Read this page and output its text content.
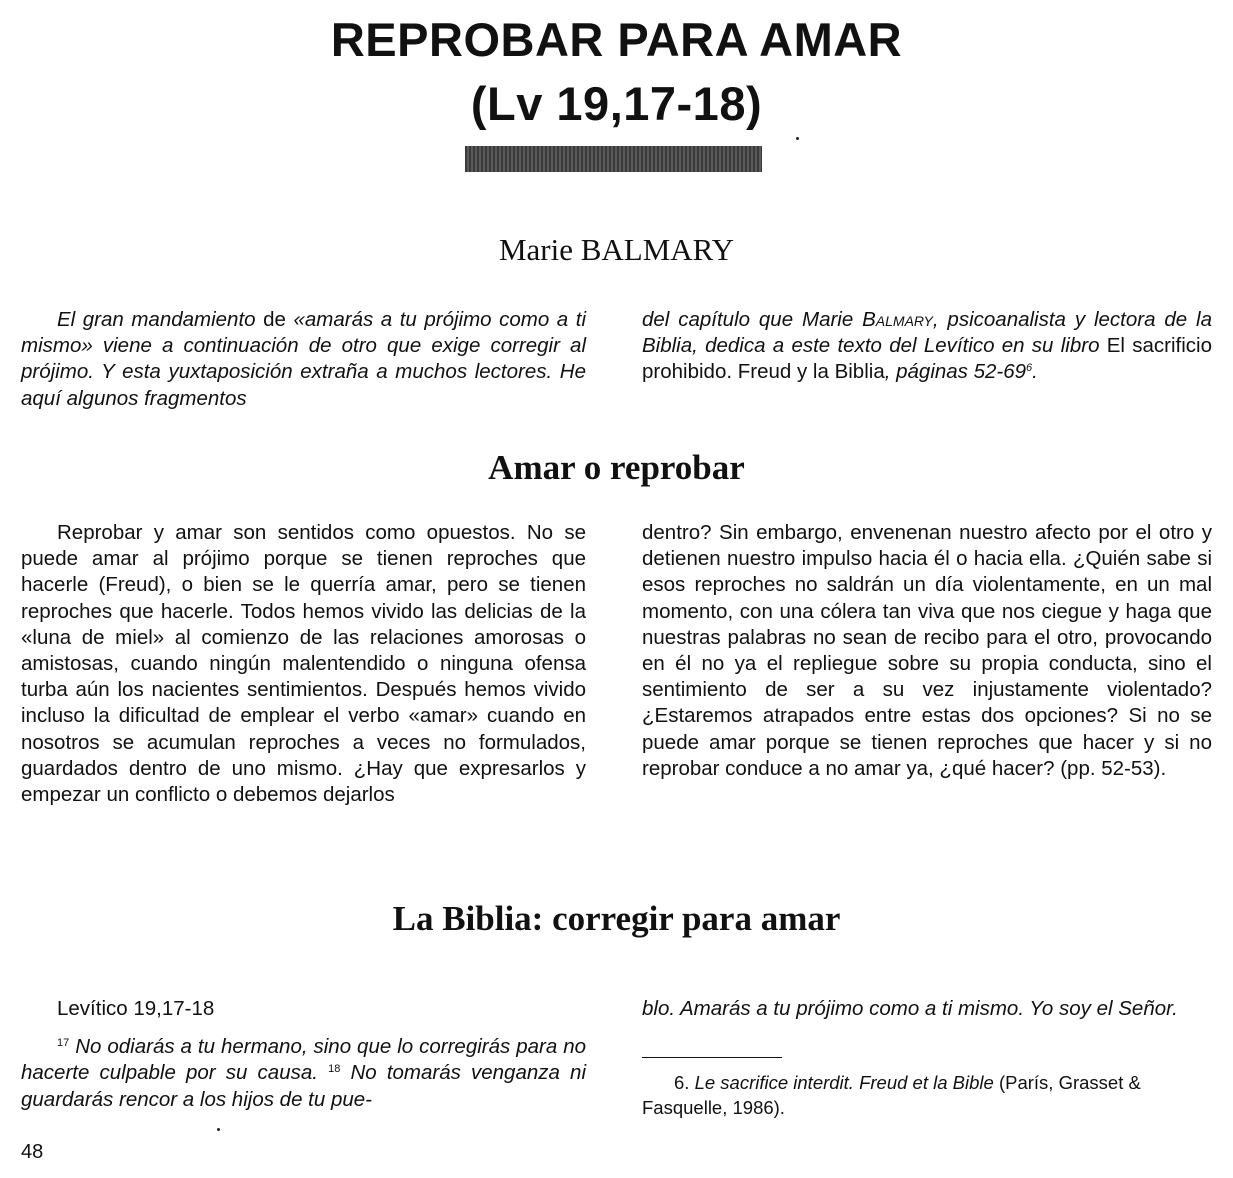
REPROBAR PARA AMAR
(Lv 19,17-18)
Marie BALMARY

El gran mandamiento de «amarás a tu prójimo como a ti mismo» viene a continuación de otro que exige corregir al prójimo. Y esta yuxtaposición extraña a muchos lectores. He aquí algunos fragmentos

del capítulo que Marie Balmary, psicoanalista y lectora de la Biblia, dedica a este texto del Levítico en su libro El sacrificio prohibido. Freud y la Biblia, páginas $52-69^6$.

Amar o reprobar

Reprobar y amar son sentidos como opuestos. No se puede amar al prójimo porque se tienen reproches que hacerle (Freud), o bien se le querría amar, pero se tienen reproches que hacerle. Todos hemos vivido las delicias de la «luna de miel» al comienzo de las relaciones amorosas o amistosas, cuando ningún malentendido o ninguna ofensa turba aún los nacientes sentimientos. Después hemos vivido incluso la dificultad de emplear el verbo «amar» cuando en nosotros se acumulan reproches a veces no formulados, guardados dentro de uno mismo. ¿Hay que expresarlos y empezar un conflicto o debemos dejarlos

dentro? Sin embargo, envenenan nuestro afecto por el otro y detienen nuestro impulso hacia él o hacia ella. ¿Quién sabe si esos reproches no saldrán un día violentamente, en un mal momento, con una cólera tan viva que nos ciegue y haga que nuestras palabras no sean de recibo para el otro, provocando en él no ya el repliegue sobre su propia conducta, sino el sentimiento de ser a su vez injustamente violentado? ¿Estaremos atrapados entre estas dos opciones? Si no se puede amar porque se tienen reproches que hacer y si no reprobar conduce a no amar ya, ¿qué hacer? (pp. 52-53).

La Biblia: corregir para amar

Levítico 19,17-18

$^{17}$ No odiarás a tu hermano, sino que lo corregirás para no hacerte culpable por su causa. $^{18}$ No tomarás venganza ni guardarás rencor a los hijos de tu pue-

blo. Amarás a tu prójimo como a ti mismo. Yo soy el Señor.

6. Le sacrifice interdit. Freud et la Bible (París, Grasset & Fasquelle, 1986).

48
